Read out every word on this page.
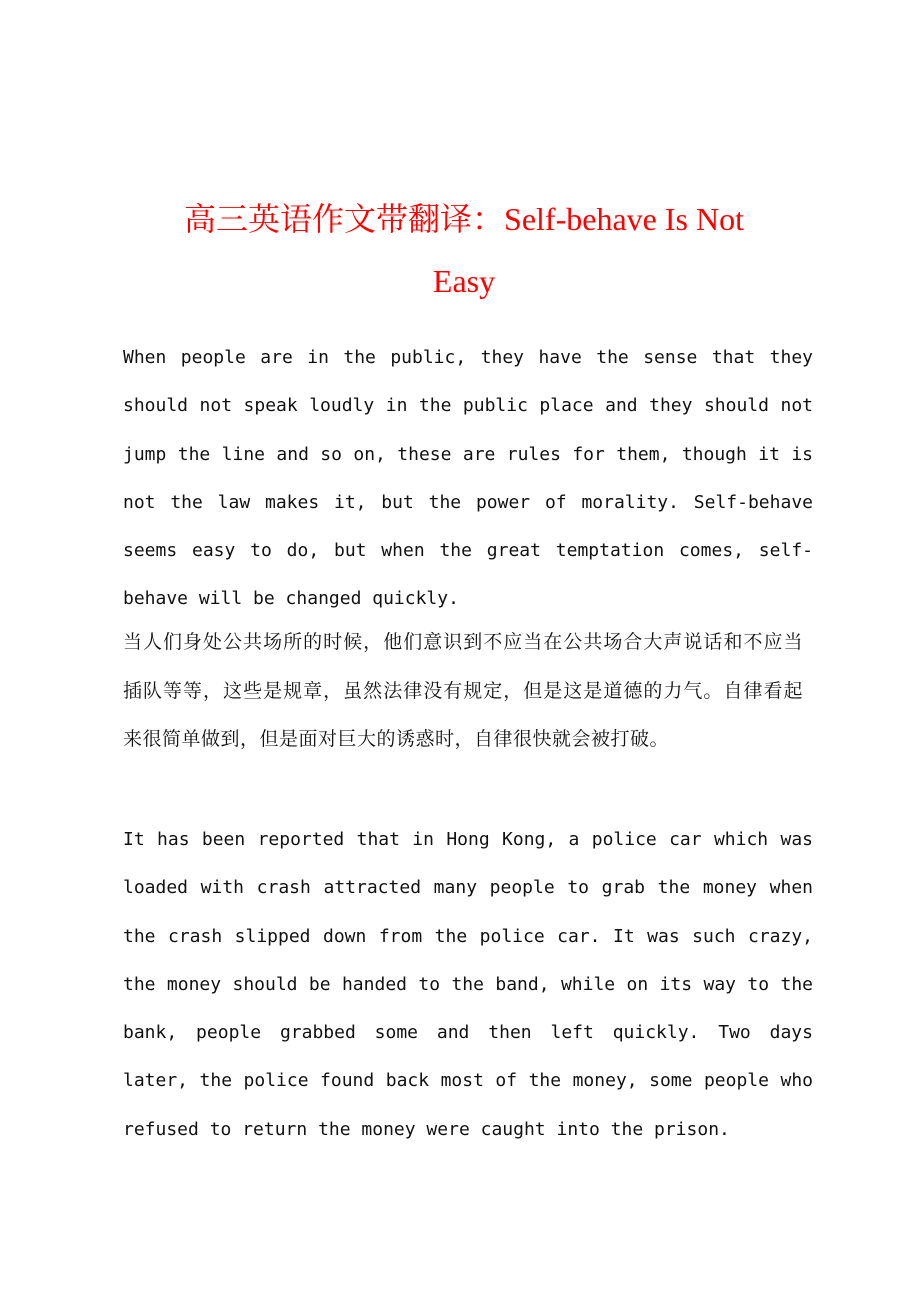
高三英语作文带翻译：Self-behave Is Not
Easy

When people are in the public, they have the sense that they should not speak loudly in the public place and they should not jump the line and so on, these are rules for them, though it is not the law makes it, but the power of morality. Self-behave seems easy to do, but when the great temptation comes, self-behave will be changed quickly.

当人们身处公共场所的时候，他们意识到不应当在公共场合大声说话和不应当插队等等，这些是规章，虽然法律没有规定，但是这是道德的力气。自律看起来很简单做到，但是面对巨大的诱惑时，自律很快就会被打破。

It has been reported that in Hong Kong, a police car which was loaded with crash attracted many people to grab the money when the crash slipped down from the police car. It was such crazy, the money should be handed to the band, while on its way to the bank, people grabbed some and then left quickly. Two days later, the police found back most of the money, some people who refused to return the money were caught into the prison.
